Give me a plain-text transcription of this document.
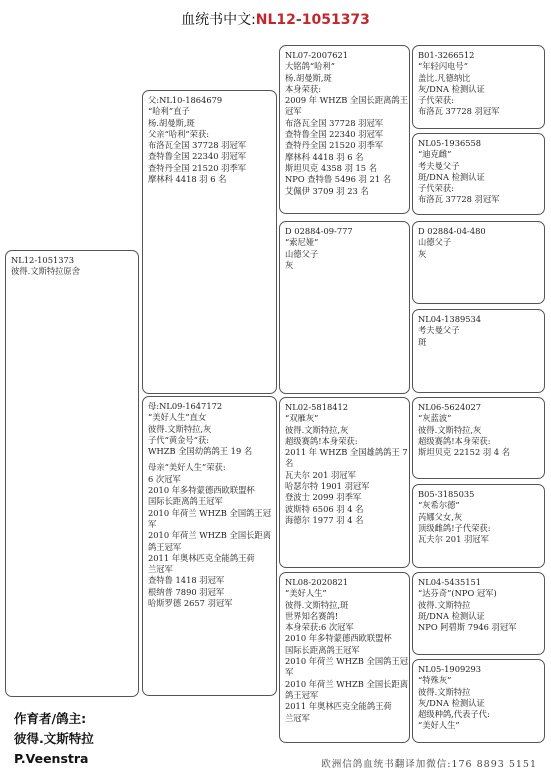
血统书中文:NL12-1051373
NL12-1051373
彼得.文斯特拉原舍
父:NL10-1864679
“哈利”直子
杨.胡曼斯,斑
父亲“哈利”荣获:
布洛瓦全国 37728 羽冠军
查特鲁全国 22340 羽冠军
查特丹全国 21520 羽季军
摩林科 4418 羽 6 名
母:NL09-1647172
“美好人生”直女
彼得.文斯特拉,灰
子代“黄金号”获:
WHZB 全国幼鸽鸽王 19 名
母亲“美好人生”荣获:
6 次冠军
2010 年多特蒙德西欧联盟杯
国际长距离鸽王冠军
2010 年荷兰 WHZB 全国鸽王冠
军
2010 年荷兰 WHZB 全国长距离
鸽王冠军
2011 年奥林匹克全能鸽王荷
兰冠军
查特鲁 1418 羽冠军
根纳普 7890 羽冠军
哈斯罗德 2657 羽冠军
NL07-2007621
大铭鸽“哈利”
杨.胡曼斯,斑
本身荣获:
2009 年 WHZB 全国长距离鸽王
冠军
布洛瓦全国 37728 羽冠军
查特鲁全国 22340 羽冠军
查特丹全国 21520 羽季军
摩林科 4418 羽 6 名
斯坦贝克 4358 羽 15 名
NPO 查特鲁 5496 羽 21 名
艾佩伊 3709 羽 23 名
D 02884-09-777
“索尼娅”
山德父子
灰
NL02-5818412
“双雁灰”
彼得.文斯特拉,灰
超级赛鸽!本身荣获:
2011 年 WHZB 全国雄鸽鸽王 7
名
瓦夫尔 201 羽冠军
哈瑟尔特 1901 羽冠军
登波士 2099 羽季军
波斯特 6506 羽 4 名
海德尔 1977 羽 4 名
NL08-2020821
“美好人生”
彼得.文斯特拉,斑
世界知名赛鸽!
本身荣获:6 次冠军
2010 年多特蒙德西欧联盟杯
国际长距离鸽王冠军
2010 年荷兰 WHZB 全国鸽王冠
军
2010 年荷兰 WHZB 全国长距离
鸽王冠军
2011 年奥林匹克全能鸽王荷
兰冠军
B01-3266512
“年轻闪电号”
盖比.凡德纳比
灰/DNA 检测认证
子代荣获:
布洛瓦 37728 羽冠军
NL05-1936558
“迪克雌”
考夫曼父子
斑/DNA 检测认证
子代荣获:
布洛瓦 37728 羽冠军
D 02884-04-480
山德父子
灰
NL04-1389534
考夫曼父子
斑
NL06-5624027
“灰蓝波”
彼得.文斯特拉,灰
超级赛鸽!本身荣获:
斯坦贝克 22152 羽 4 名
B05-3185035
“灰希尔德”
芮娜父女,灰
顶级雌鸽!子代荣获:
瓦夫尔 201 羽冠军
NL04-5435151
“达芬奇”(NPO 冠军)
彼得.文斯特拉
斑/DNA 检测认证
NPO 阿碧斯 7946 羽冠军
NL05-1909293
“特殊灰”
彼得.文斯特拉
灰/DNA 检测认证
超级种鸽,代表子代:
“美好人生”
作育者/鸽主:
彼得.文斯特拉
P.Veenstra	欧洲信鸽血统书翻译加微信:176 8893 5151
